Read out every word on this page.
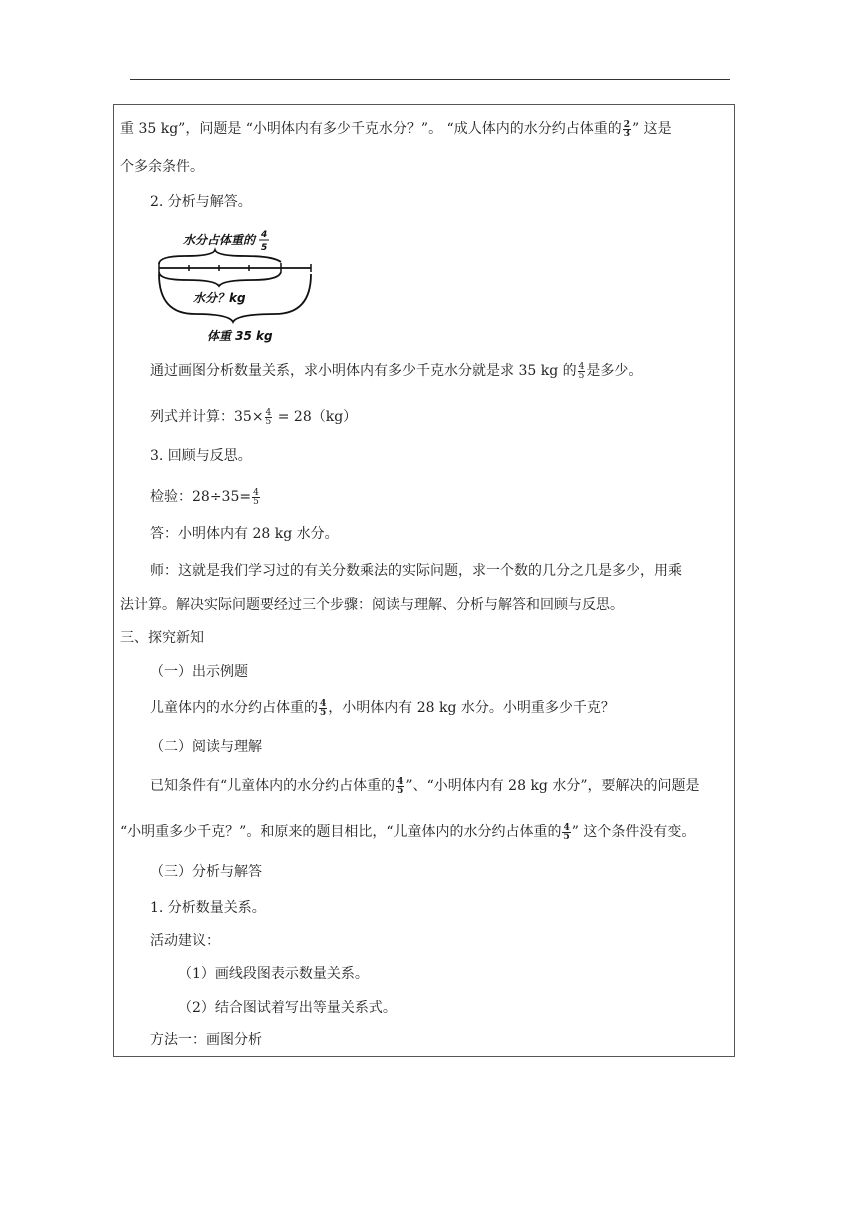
重 35 kg”，问题是 “小明体内有多少千克水分？”。 “成人体内的水分约占体重的 $\frac{2}{3}$ ” 这是
个多余条件。
2. 分析与解答。
水分占体重的 4
5
水分？kg
体重 35 kg
通过画图分析数量关系，求小明体内有多少千克水分就是求 35 kg 的 $\frac{4}{5}$ 是多少。
列式并计算：$35\times \frac{4}{5} = 28(kg)$
3. 回顾与反思。
检验：$28\div 35= \frac{4}{5}$
答：小明体内有 28 kg 水分。
师：这就是我们学习过的有关分数乘法的实际问题，求一个数的几分之几是多少，用乘
法计算。解决实际问题要经过三个步骤：阅读与理解、分析与解答和回顾与反思。
三、探究新知
（一）出示例题
儿童体内的水分约占体重的 $\frac{4}{5}$ ，小明体内有 28 kg 水分。小明重多少千克？
（二）阅读与理解
已知条件有“儿童体内的水分约占体重的 $\frac{4}{5}$ ”、“小明体内有 28 kg 水分”，要解决的问题是
“小明重多少千克？”。和原来的题目相比，“儿童体内的水分约占体重的 $\frac{4}{5}$ ” 这个条件没有变。
（三）分析与解答
1. 分析数量关系。
活动建议：
（1）画线段图表示数量关系。
（2）结合图试着写出等量关系式。
方法一：画图分析
